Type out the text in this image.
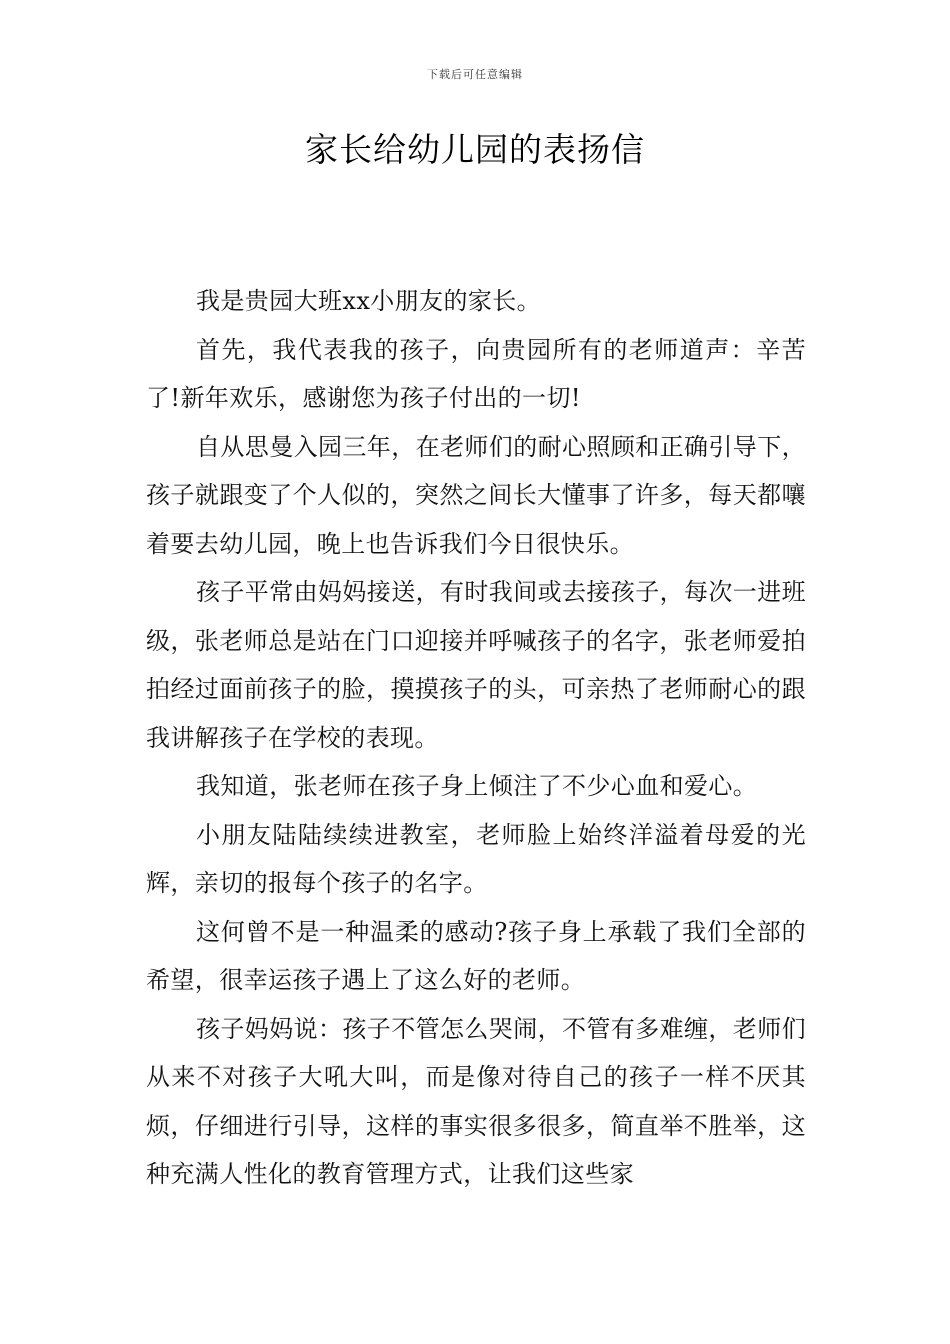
下载后可任意编辑
家长给幼儿园的表扬信

我是贵园大班xx小朋友的家长。

首先，我代表我的孩子，向贵园所有的老师道声：辛苦了!新年欢乐，感谢您为孩子付出的一切!

自从思曼入园三年，在老师们的耐心照顾和正确引导下，孩子就跟变了个人似的，突然之间长大懂事了许多，每天都嚷着要去幼儿园，晚上也告诉我们今日很快乐。

孩子平常由妈妈接送，有时我间或去接孩子，每次一进班级，张老师总是站在门口迎接并呼喊孩子的名字，张老师爱拍拍经过面前孩子的脸，摸摸孩子的头，可亲热了老师耐心的跟我讲解孩子在学校的表现。

我知道，张老师在孩子身上倾注了不少心血和爱心。

小朋友陆陆续续进教室，老师脸上始终洋溢着母爱的光辉，亲切的报每个孩子的名字。

这何曾不是一种温柔的感动?孩子身上承载了我们全部的希望，很幸运孩子遇上了这么好的老师。

孩子妈妈说：孩子不管怎么哭闹，不管有多难缠，老师们从来不对孩子大吼大叫，而是像对待自己的孩子一样不厌其烦，仔细进行引导，这样的事实很多很多，简直举不胜举，这种充满人性化的教育管理方式，让我们这些家
